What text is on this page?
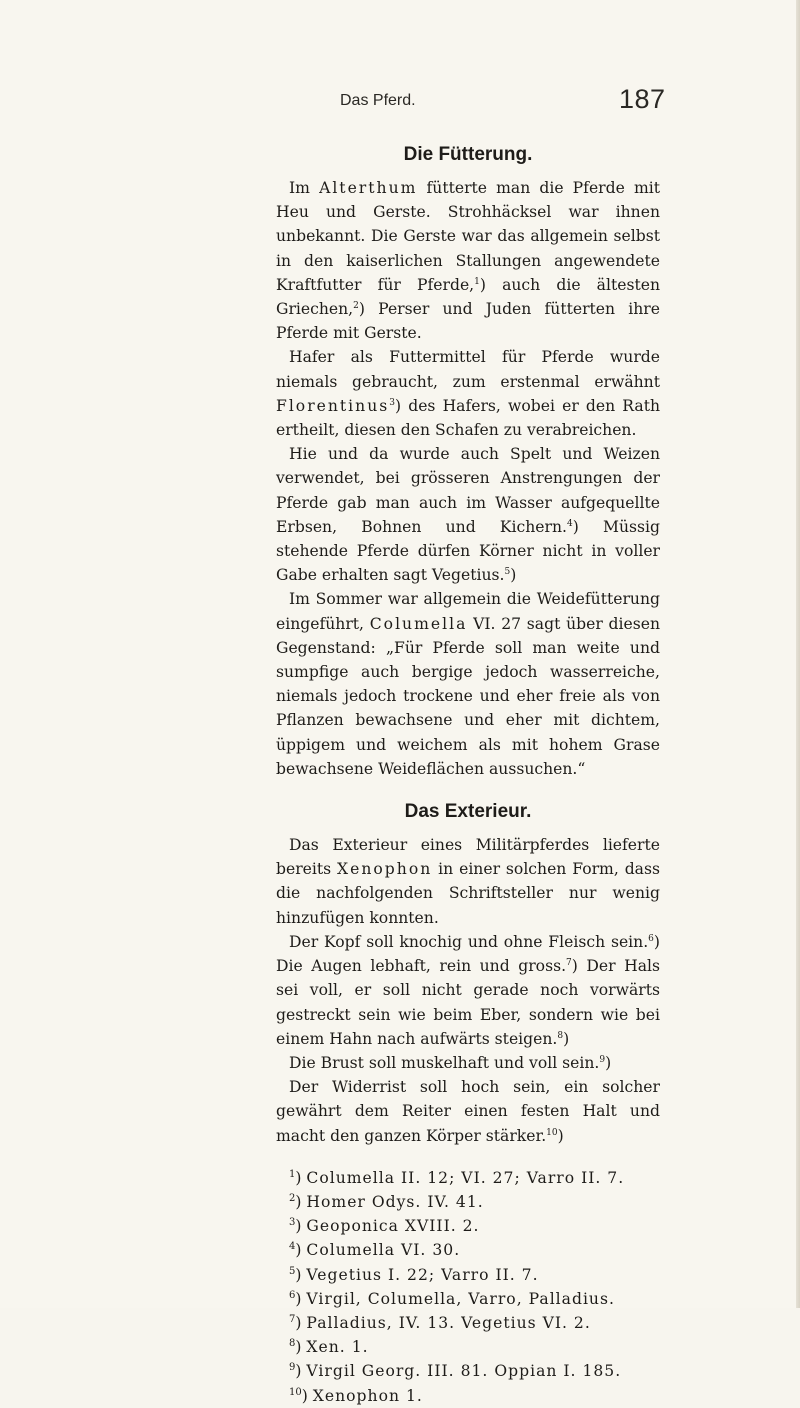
Das Pferd.	187
Die Fütterung.

Im Alterthum fütterte man die Pferde mit Heu und Gerste. Strohhäcksel war ihnen unbekannt. Die Gerste war das allgemein selbst in den kaiserlichen Stallungen angewendete Kraftfutter für Pferde,$^1$) auch die ältesten Griechen,$^2$) Perser und Juden fütterten ihre Pferde mit Gerste.

Hafer als Futtermittel für Pferde wurde niemals gebraucht, zum erstenmal erwähnt Florentinus$^3$) des Hafers, wobei er den Rath ertheilt, diesen den Schafen zu verabreichen.

Hie und da wurde auch Spelt und Weizen verwendet, bei grösseren Anstrengungen der Pferde gab man auch im Wasser aufgequellte Erbsen, Bohnen und Kichern.$^4$) Müssig stehende Pferde dürfen Körner nicht in voller Gabe erhalten sagt Vegetius.$^5$)

Im Sommer war allgemein die Weidefütterung eingeführt, Columella VI. 27 sagt über diesen Gegenstand: „Für Pferde soll man weite und sumpfige auch bergige jedoch wasserreiche, niemals jedoch trockene und eher freie als von Pflanzen bewachsene und eher mit dichtem, üppigem und weichem als mit hohem Grase bewachsene Weideflächen aussuchen.“

Das Exterieur.

Das Exterieur eines Militärpferdes lieferte bereits Xenophon in einer solchen Form, dass die nachfolgenden Schriftsteller nur wenig hinzufügen konnten.

Der Kopf soll knochig und ohne Fleisch sein.$^6$) Die Augen lebhaft, rein und gross.$^7$) Der Hals sei voll, er soll nicht gerade noch vorwärts gestreckt sein wie beim Eber, sondern wie bei einem Hahn nach aufwärts steigen.$^8$)

Die Brust soll muskelhaft und voll sein.$^9$)

Der Widerrist soll hoch sein, ein solcher gewährt dem Reiter einen festen Halt und macht den ganzen Körper stärker.$^{10}$)

$^1$) Columella II. 12; VI. 27; Varro II. 7.
$^2$) Homer Odys. IV. 41.
$^3$) Geoponica XVIII. 2.
$^4$) Columella VI. 30.
$^5$) Vegetius I. 22; Varro II. 7.
$^6$) Virgil, Columella, Varro, Palladius.
$^7$) Palladius, IV. 13. Vegetius VI. 2.
$^8$) Xen. 1.
$^9$) Virgil Georg. III. 81. Oppian I. 185.
$^{10}$) Xenophon 1.
